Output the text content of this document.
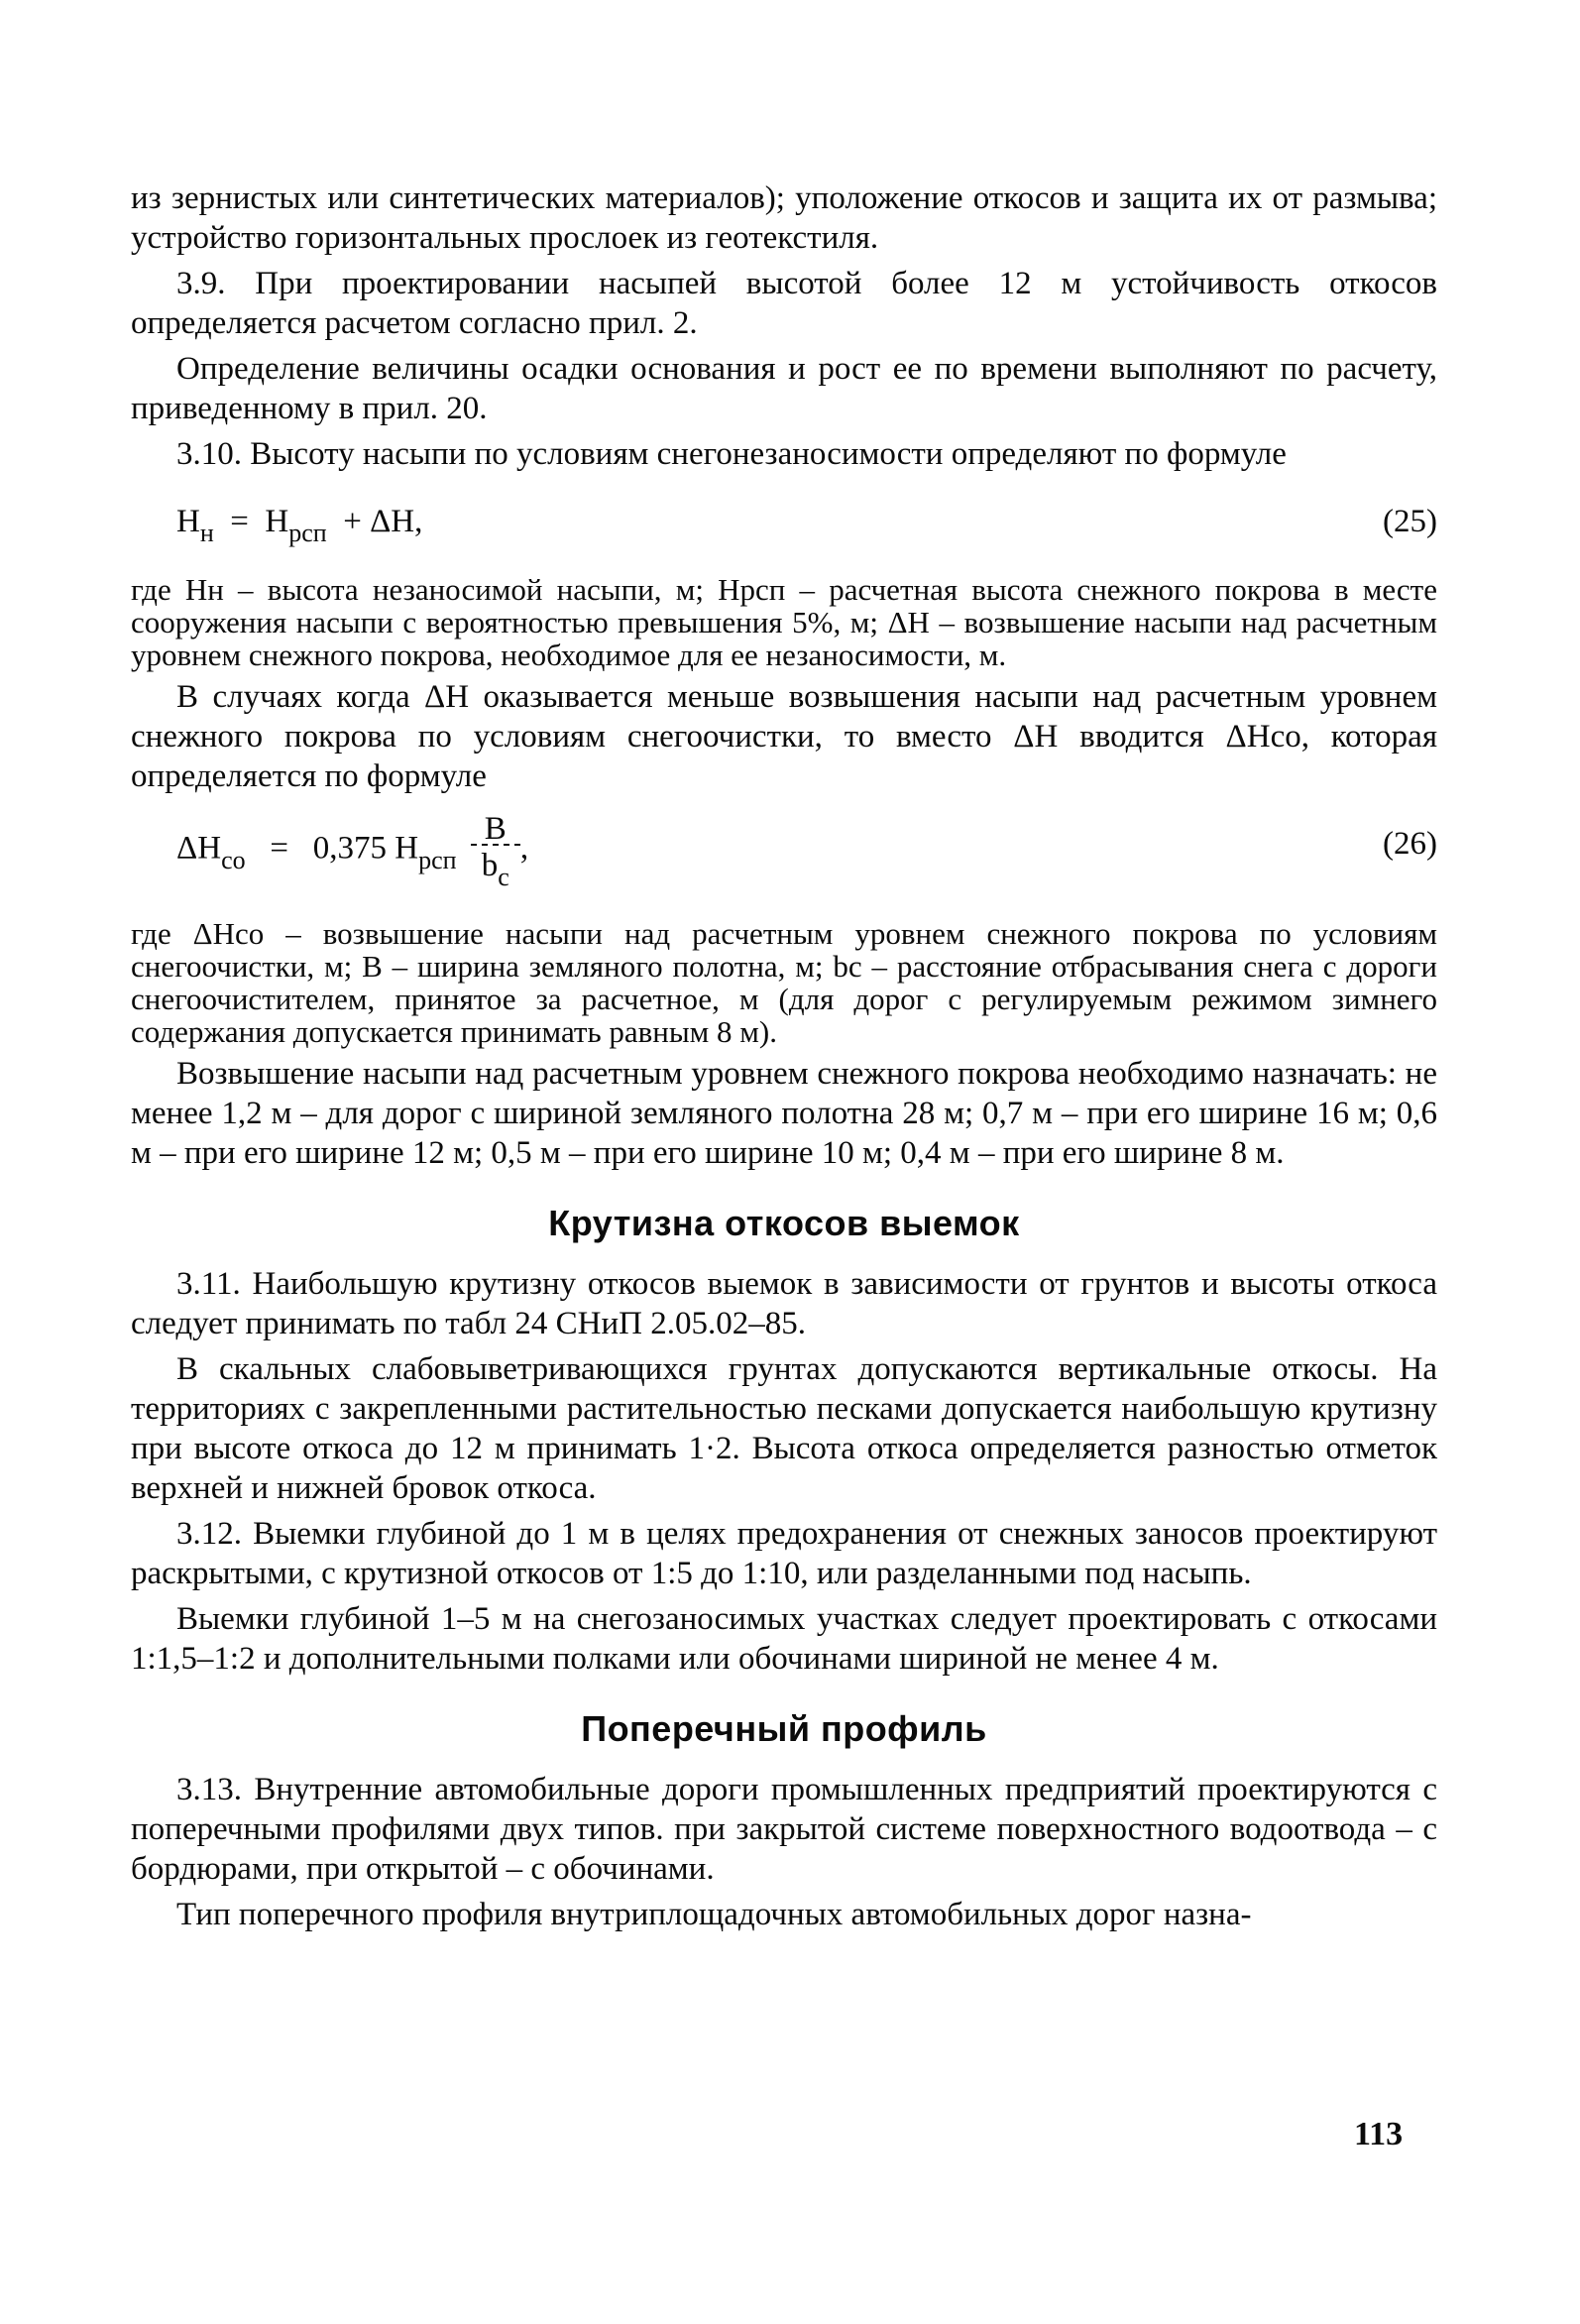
из зернистых или синтетических материалов); уположение откосов и защита их от размыва; устройство горизонтальных прослоек из геотекстиля.

3.9. При проектировании насыпей высотой более 12 м устойчивость откосов определяется расчетом согласно прил. 2.

Определение величины осадки основания и рост ее по времени выполняют по расчету, приведенному в прил. 20.

3.10. Высоту насыпи по условиям снегонезаносимости определяют по формуле

$H_н = H_{рсп} + \Delta H$,	(25)

где Hн – высота незаносимой насыпи, м; Hрсп – расчетная высота снежного покрова в месте сооружения насыпи с вероятностью превышения 5%, м; ΔH – возвышение насыпи над расчетным уровнем снежного покрова, необходимое для ее незаносимости, м.

В случаях когда ΔH оказывается меньше возвышения насыпи над расчетным уровнем снежного покрова по условиям снегоочистки, то вместо ΔH вводится ΔHсо, которая определяется по формуле

$\Delta H_{со} = 0,375$ $H_{рсп} \frac{B}{b_c}$ ,	(26)

где ΔHсо – возвышение насыпи над расчетным уровнем снежного покрова по условиям снегоочистки, м; B – ширина земляного полотна, м; bc – расстояние отбрасывания снега с дороги снегоочистителем, принятое за расчетное, м (для дорог с регулируемым режимом зимнего содержания допускается принимать равным 8 м).

Возвышение насыпи над расчетным уровнем снежного покрова необходимо назначать: не менее 1,2 м – для дорог с шириной земляного полотна 28 м; 0,7 м – при его ширине 16 м; 0,6 м – при его ширине 12 м; 0,5 м – при его ширине 10 м; 0,4 м – при его ширине 8 м.

Крутизна откосов выемок

3.11. Наибольшую крутизну откосов выемок в зависимости от грунтов и высоты откоса следует принимать по табл 24 СНиП 2.05.02–85.

В скальных слабовыветривающихся грунтах допускаются вертикальные откосы. На территориях с закрепленными растительностью песками допускается наибольшую крутизну при высоте откоса до 12 м принимать 1·2. Высота откоса определяется разностью отметок верхней и нижней бровок откоса.

3.12. Выемки глубиной до 1 м в целях предохранения от снежных заносов проектируют раскрытыми, с крутизной откосов от 1:5 до 1:10, или разделанными под насыпь.

Выемки глубиной 1–5 м на снегозаносимых участках следует проектировать с откосами 1:1,5–1:2 и дополнительными полками или обочинами шириной не менее 4 м.

Поперечный профиль

3.13. Внутренние автомобильные дороги промышленных предприятий проектируются с поперечными профилями двух типов. при закрытой системе поверхностного водоотвода – с бордюрами, при открытой – с обочинами.

Тип поперечного профиля внутриплощадочных автомобильных дорог назна-

113
